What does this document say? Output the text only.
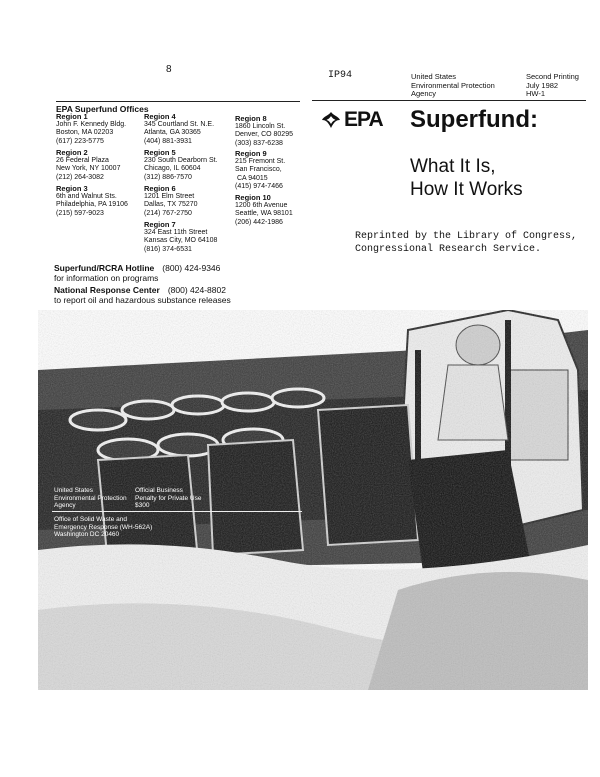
8
IP94
EPA Superfund Offices
Region 1
John F. Kennedy Bldg.
Boston, MA 02203
(617) 223-5775
Region 2
26 Federal Plaza
New York, NY 10007
(212) 264-3082
Region 3
6th and Walnut Sts.
Philadelphia, PA 19106
(215) 597-9023
Region 4
345 Courtland St. N.E.
Atlanta, GA 30365
(404) 881-3931
Region 5
230 South Dearborn St.
Chicago, IL 60604
(312) 886-7570
Region 6
1201 Elm Street
Dallas, TX 75270
(214) 767-2750
Region 7
324 East 11th Street
Kansas City, MO 64108
(816) 374-6531
Region 8
1860 Lincoln St.
Denver, CO 80295
(303) 837-6238
Region 9
215 Fremont St.
San Francisco,
CA 94015
(415) 974-7466
Region 10
1200 6th Avenue
Seattle, WA 98101
(206) 442-1986
Superfund/RCRA Hotline (800) 424-9346
for information on programs
National Response Center (800) 424-8802
to report oil and hazardous substance releases
United States
Environmental Protection
Agency
Second Printing
July 1982
HW-1
EPA Superfund:
What It Is,
How It Works
Reprinted by the Library of Congress,
Congressional Research Service.
United States
Environmental Protection
Agency
Official Business
Penalty for Private Use
$300
Office of Solid Waste and
Emergency Response (WH-562A)
Washington DC 20460
